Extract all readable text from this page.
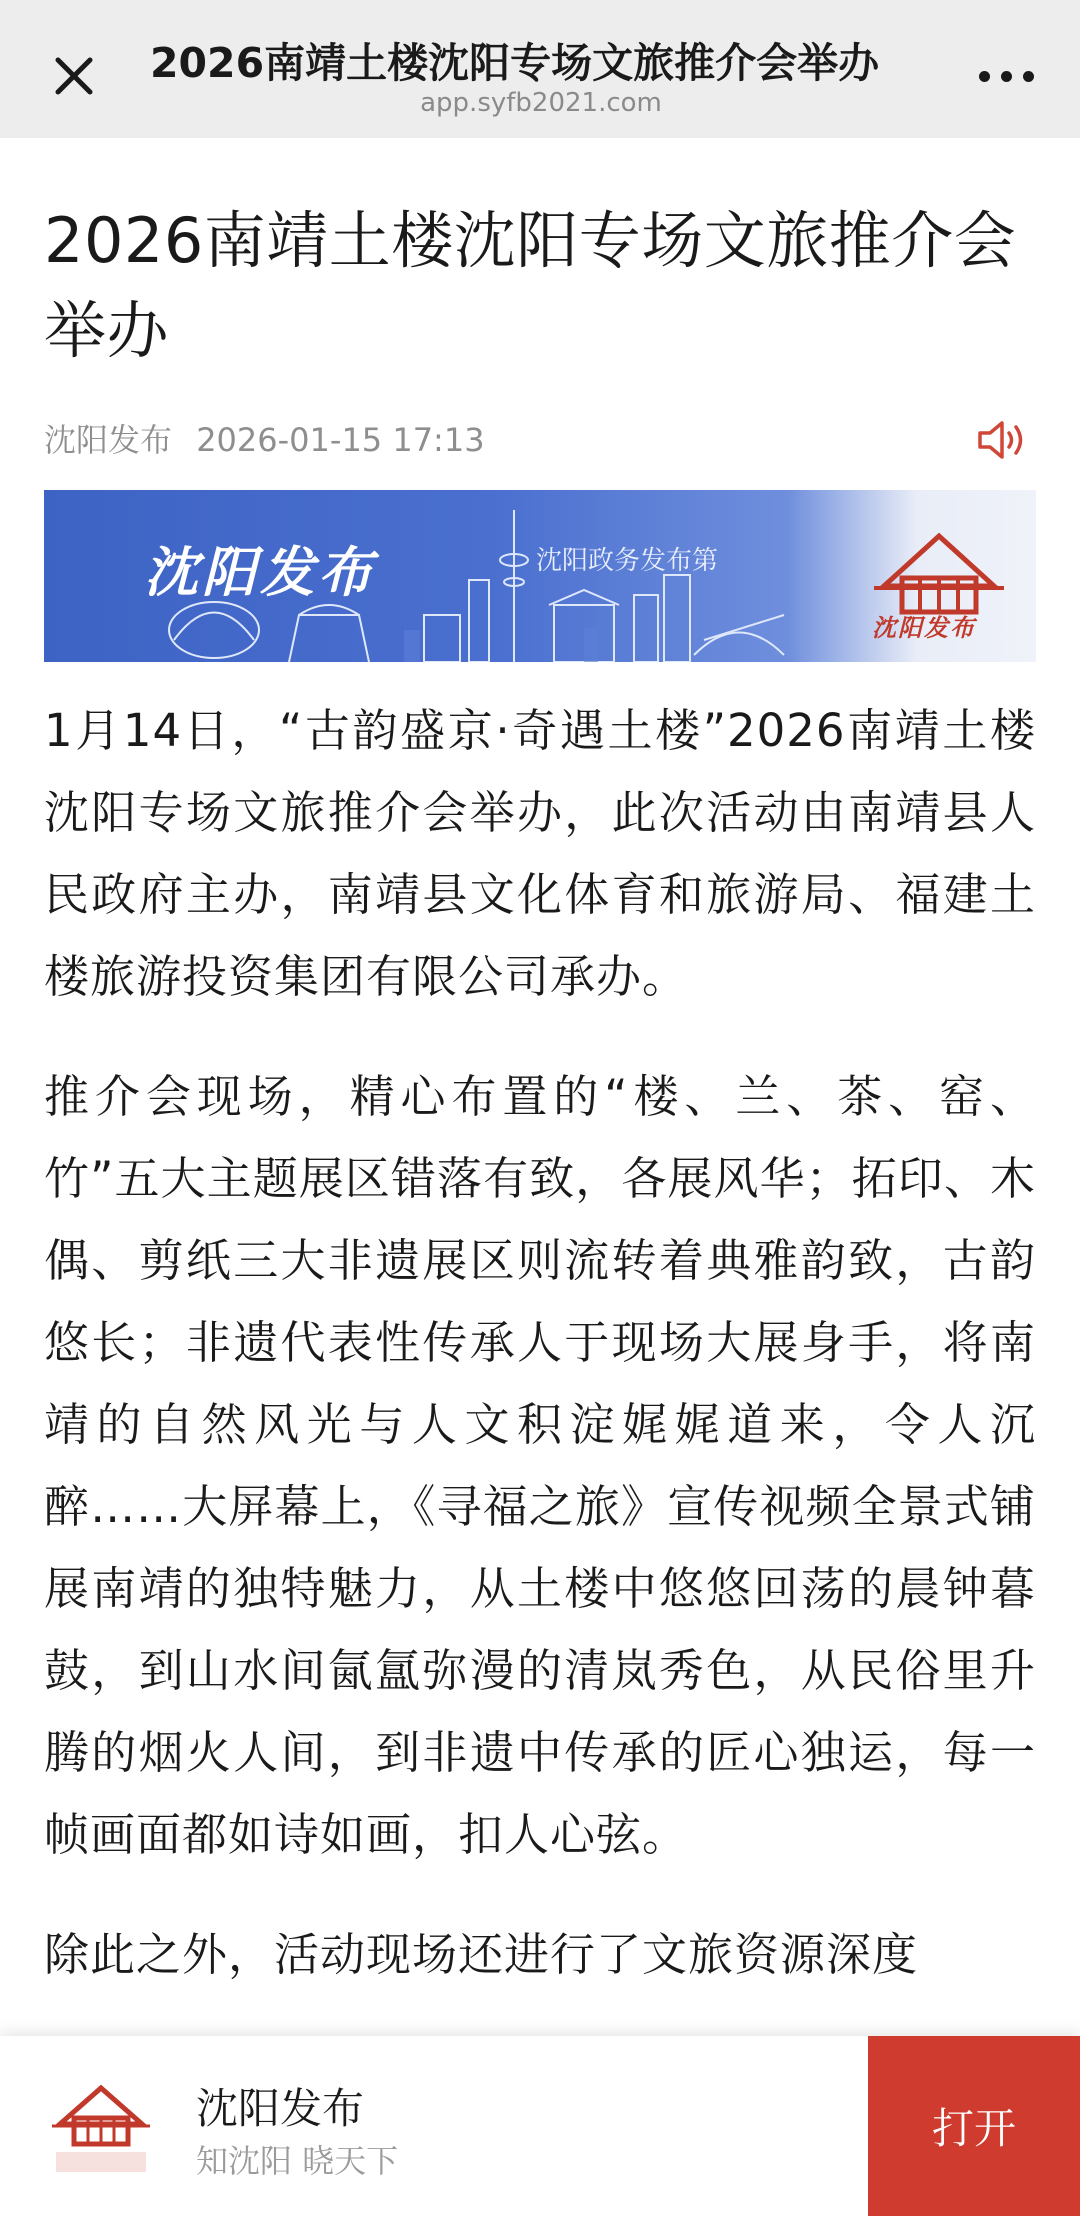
2026南靖土楼沈阳专场文旅推介会举办
app.syfb2021.com
2026南靖土楼沈阳专场文旅推介会举办
沈阳发布 2026-01-15 17:13
沈阳发布	沈阳政务发布第
沈阳发布

1月14日，“古韵盛京·奇遇土楼”2026南靖土楼沈阳专场文旅推介会举办，此次活动由南靖县人民政府主办，南靖县文化体育和旅游局、福建土楼旅游投资集团有限公司承办。

推介会现场，精心布置的“楼、兰、茶、窑、竹”五大主题展区错落有致，各展风华；拓印、木偶、剪纸三大非遗展区则流转着典雅韵致，古韵悠长；非遗代表性传承人于现场大展身手，将南靖的自然风光与人文积淀娓娓道来，令人沉醉……大屏幕上，《寻福之旅》宣传视频全景式铺展南靖的独特魅力，从土楼中悠悠回荡的晨钟暮鼓，到山水间氤氲弥漫的清岚秀色，从民俗里升腾的烟火人间，到非遗中传承的匠心独运，每一帧画面都如诗如画，扣人心弦。

除此之外，活动现场还进行了文旅资源深度

沈阳发布
知沈阳 晓天下
打开
